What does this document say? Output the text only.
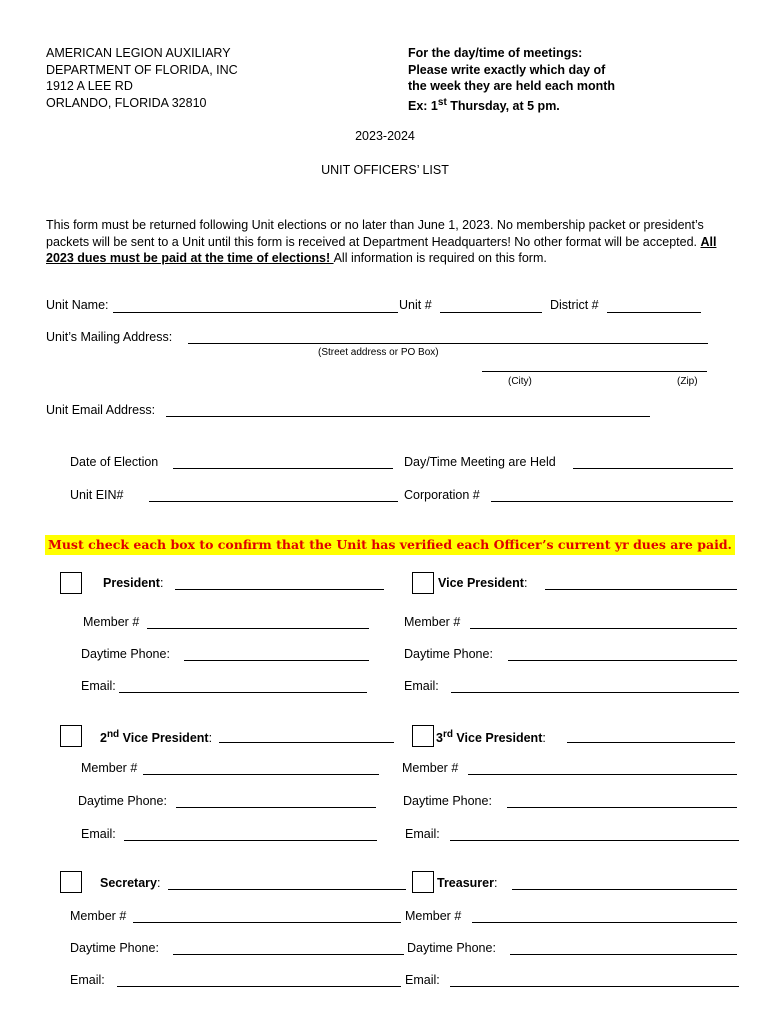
AMERICAN LEGION AUXILIARY
DEPARTMENT OF FLORIDA, INC
1912 A LEE RD
ORLANDO, FLORIDA 32810
For the day/time of meetings:
Please write exactly which day of
the week they are held each month
Ex: 1st Thursday, at 5 pm.
2023-2024
UNIT OFFICERS’ LIST
This form must be returned following Unit elections or no later than June 1, 2023. No membership packet or president’s packets will be sent to a Unit until this form is received at Department Headquarters! No other format will be accepted. All 2023 dues must be paid at the time of elections! All information is required on this form.
Unit Name:	Unit #	District #
Unit’s Mailing Address:
(Street address or PO Box)
(City)	(Zip)
Unit Email Address:
Date of Election	Day/Time Meeting are Held
Unit EIN#	Corporation #
Must check each box to confirm that the Unit has verified each Officer’s current yr dues are paid.
President:	Vice President:
Member #	Member #
Daytime Phone:	Daytime Phone:
Email:	Email:
2nd Vice President:	3rd Vice President:
Member #	Member #
Daytime Phone:	Daytime Phone:
Email:	Email:
Secretary:	Treasurer:
Member #	Member #
Daytime Phone:	Daytime Phone:
Email:	Email:
